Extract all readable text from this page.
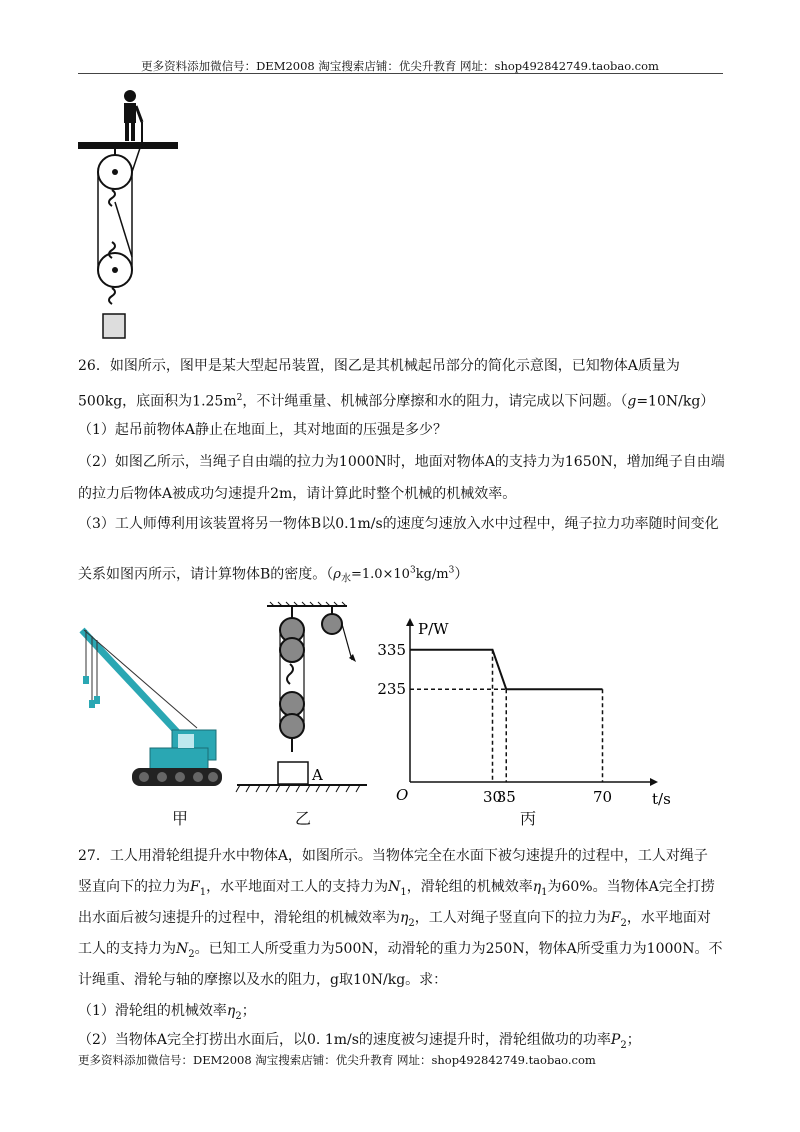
更多资料添加微信号：DEM2008 淘宝搜索店铺：优尖升教育 网址：shop492842749.taobao.com
26．如图所示，图甲是某大型起吊装置，图乙是其机械起吊部分的简化示意图，已知物体A质量为
500kg，底面积为$1.25m^2$，不计绳重量、机械部分摩擦和水的阻力，请完成以下问题。（g=10N/kg）
（1）起吊前物体A静止在地面上，其对地面的压强是多少？
（2）如图乙所示，当绳子自由端的拉力为1000N时，地面对物体A的支持力为1650N，增加绳子自由端
的拉力后物体A被成功匀速提升2m，请计算此时整个机械的机械效率。
（3）工人师傅利用该装置将另一物体B以0.1m/s的速度匀速放入水中过程中，绳子拉力功率随时间变化
关系如图丙所示，请计算物体B的密度。$(\rho_水=1.0\times 10^3kg/m^3)$
A
O
P/W
t/s
335
235
30
35	70
甲	乙	丙
27．工人用滑轮组提升水中物体A，如图所示。当物体完全在水面下被匀速提升的过程中，工人对绳子
竖直向下的拉力为$F_1$，水平地面对工人的支持力为$N_1$，滑轮组的机械效率$\eta_1$为60%。当物体A完全打捞
出水面后被匀速提升的过程中，滑轮组的机械效率为$\eta_2$，工人对绳子竖直向下的拉力为$F_2$，水平地面对
工人的支持力为$N_2$。已知工人所受重力为500N，动滑轮的重力为250N，物体A所受重力为1000N。不
计绳重、滑轮与轴的摩擦以及水的阻力，g取10N/kg。求：
（1）滑轮组的机械效率$\eta_2$；
（2）当物体A完全打捞出水面后，以0. 1m/s的速度被匀速提升时，滑轮组做功的功率$P_2$；
更多资料添加微信号：DEM2008 淘宝搜索店铺：优尖升教育 网址：shop492842749.taobao.com
